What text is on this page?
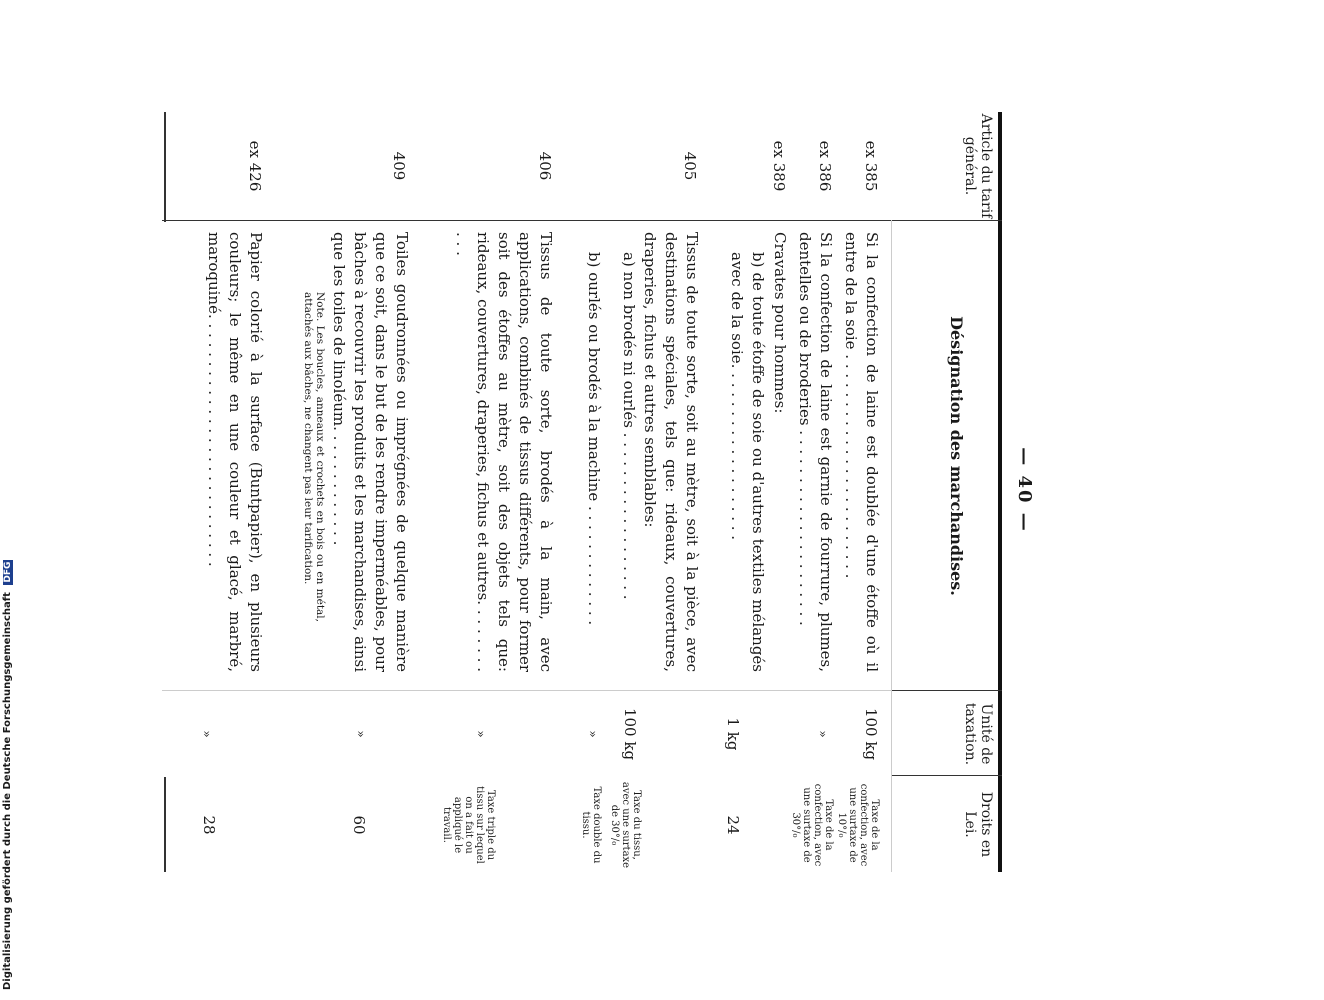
— 40 —
Article du tarif général.
Désignation des marchandises.
Unité de taxation.
Droits en Lei.
ex 385
Si la confection de laine est doublée d'une étoffe où il entre de la soie . . . . . . . . . . . . . . . . . . . . . . . .
100 kg
Taxe de la confection, avec une surtaxe de 10°/₀
ex 386
Si la confection de laine est garnie de fourrure, plumes, dentelles ou de broderies . . . . . . . . . . . . . . . . . . . . .
»
Taxe de la confection, avec une surtaxe de 30°/₀
ex 389
Cravates pour hommes:
b) de toute étoffe de soie ou d'autres textiles mélangés avec de la soie. . . . . . . . . . . . . . . . . . .
1 kg
24
405
Tissus de toute sorte, soit au mètre, soit à la pièce, avec destinations spéciales, tels que: rideaux, couvertures, draperies, fichus et autres semblables:
a) non brodés ni ourlés . . . . . . . . . . . . . . . . . .
100 kg
Taxe du tissu, avec une surtaxe de 30°/₀
b) ourlés ou brodés à la machine . . . . . . . . . . . . .
»
Taxe double du tissu.
406
Tissus de toute sorte, brodés à la main, avec applications, combinés de tissus différents, pour former soit des étoffes au mètre, soit des objets tels que: rideaux, couvertures, draperies, fichus et autres. . . . . . . . . . .
»
Taxe triple du tissu sur lequel on a fait ou appliqué le travail.
409
Toiles goudronnées ou imprégnées de quelque manière que ce soit, dans le but de les rendre imperméables, pour bâches à recouvrir les produits et les marchandises, ainsi que les toiles de linoléum. . . . . . . . . . . . .
Note. Les boucles, anneaux et crochets en bois ou en métal, attachés aux bâches, ne changent pas leur tarification.
»
60
ex 426
Papier colorié à la surface (Buntpapier), en plusieurs couleurs; le même en une couleur et glacé, marbré, maroquiné. . . . . . . . . . . . . . . . . . . . . . . . . . .
»
28
Digitalisierung gefördert durch die Deutsche Forschungsgemeinschaft DFG
